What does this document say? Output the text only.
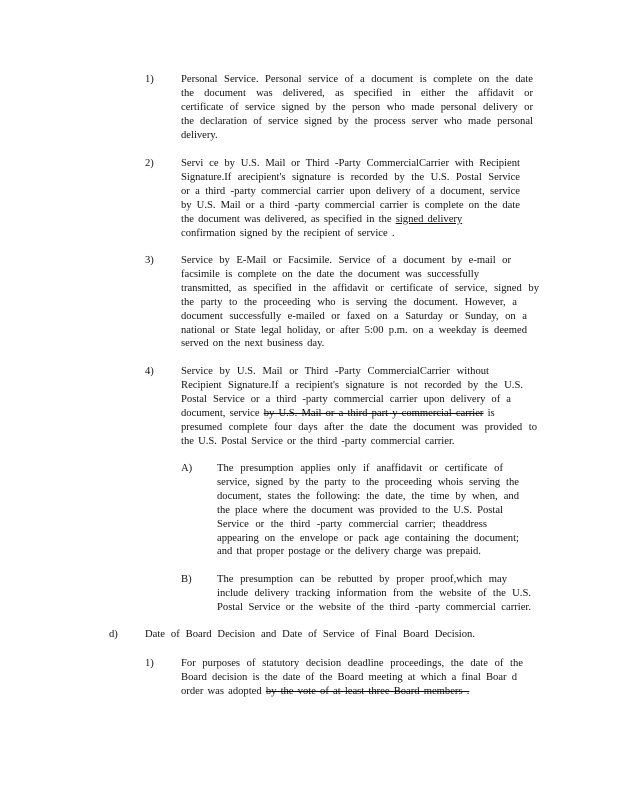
1)	Personal Service. Personal service of a document is complete on the date
the document was delivered, as specified in either the affidavit or
certificate of service signed by the person who made personal delivery or
the declaration of service signed by the process server who made personal
delivery.
2)	Servi ce by U.S. Mail or Third -Party CommercialCarrier with Recipient
Signature.If arecipient's signature is recorded by the U.S. Postal Service
or a third -party commercial carrier upon delivery of a document, service
by U.S. Mail or a third -party commercial carrier is complete on the date
the document was delivered, as specified in the signed delivery
confirmation signed by the recipient of service .
3)	Service by E-Mail or Facsimile. Service of a document by e-mail or
facsimile is complete on the date the document was successfully
transmitted, as specified in the affidavit or certificate of service, signed by
the party to the proceeding who is serving the document. However, a
document successfully e-mailed or faxed on a Saturday or Sunday, on a
national or State legal holiday, or after 5:00 p.m. on a weekday is deemed
served on the next business day.
4)	Service by U.S. Mail or Third -Party CommercialCarrier without
Recipient Signature.If a recipient's signature is not recorded by the U.S.
Postal Service or a third -party commercial carrier upon delivery of a
document, service by U.S. Mail or a third part y commercial carrier is
presumed complete four days after the date the document was provided to
the U.S. Postal Service or the third -party commercial carrier.
A) The presumption applies only if anaffidavit or certificate of
service, signed by the party to the proceeding whois serving the
document, states the following: the date, the time by when, and
the place where the document was provided to the U.S. Postal
Service or the third -party commercial carrier; theaddress
appearing on the envelope or pack age containing the document;
and that proper postage or the delivery charge was prepaid.
B) The presumption can be rebutted by proper proof,which may
include delivery tracking information from the website of the U.S.
Postal Service or the website of the third -party commercial carrier.
d)	Date of Board Decision and Date of Service of Final Board Decision.
1)	For purposes of statutory decision deadline proceedings, the date of the
Board decision is the date of the Board meeting at which a final Boar d
order was adopted by the vote of at least three Board members .
